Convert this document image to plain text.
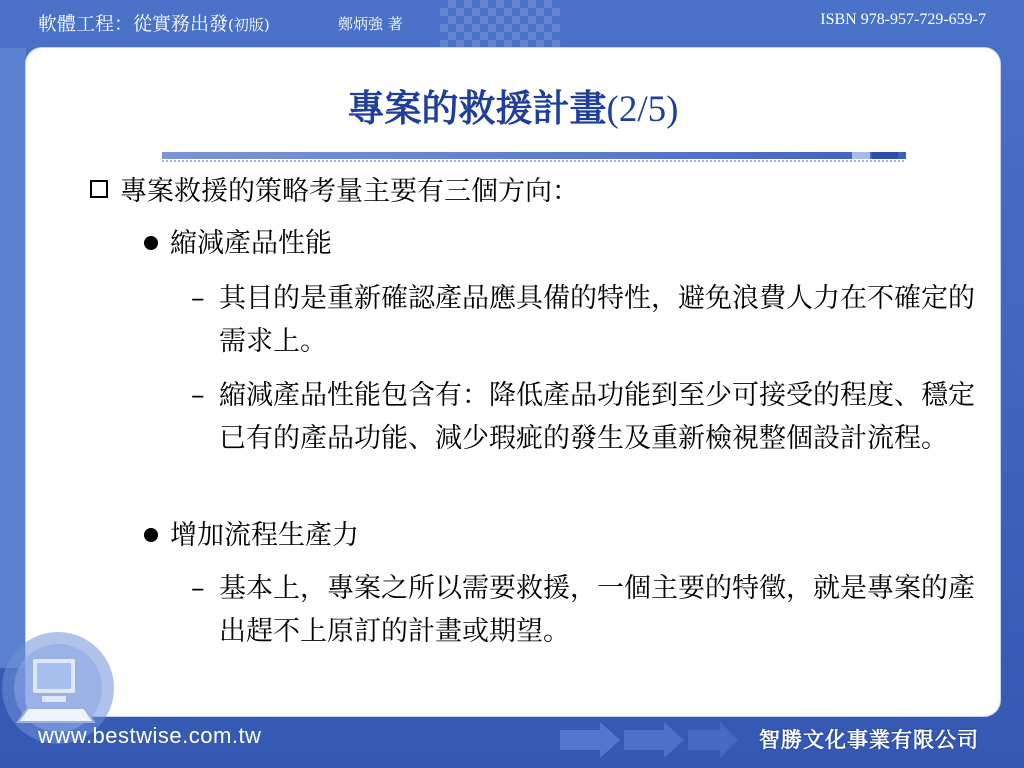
軟體工程：從實務出發(初版)	鄭炳強 著	ISBN 978-957-729-659-7
專案的救援計畫(2/5)
專案救援的策略考量主要有三個方向：
縮減產品性能
– 其目的是重新確認產品應具備的特性，避免浪費人力在不確定的需求上。
– 縮減產品性能包含有：降低產品功能到至少可接受的程度、穩定已有的產品功能、減少瑕疵的發生及重新檢視整個設計流程。
增加流程生產力
– 基本上，專案之所以需要救援，一個主要的特徵，就是專案的產出趕不上原訂的計畫或期望。
www.bestwise.com.tw	智勝文化事業有限公司
